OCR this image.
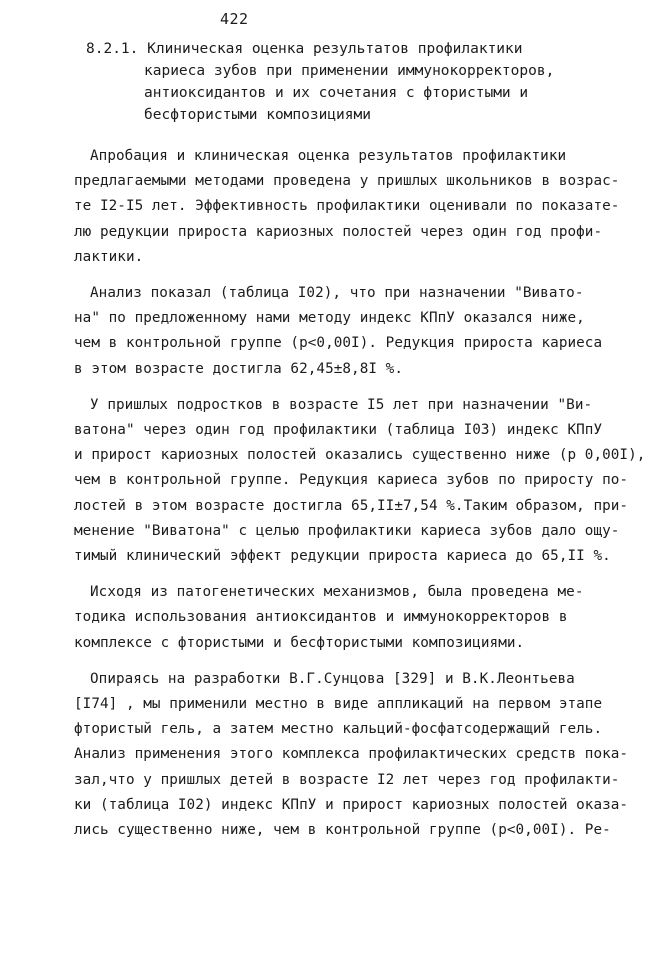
422
8.2.1. Клиническая оценка результатов профилактики
кариеса зубов при применении иммунокорректоров,
антиоксидантов и их сочетания с фтористыми и
бесфтористыми композициями
Апробация и клиническая оценка результатов профилактики
предлагаемыми методами проведена у пришлых школьников в возрас-
те I2-I5 лет. Эффективность профилактики оценивали по показате-
лю редукции прироста кариозных полостей через один год профи-
лактики.
Анализ показал (таблица I02), что при назначении "Вивато-
на" по предложенному нами методу индекс КПпУ оказался ниже,
чем в контрольной группе (р<0,00I). Редукция прироста кариеса
в этом возрасте достигла 62,45±8,8I %.
У пришлых подростков в возрасте I5 лет при назначении "Ви-
ватона" через один год профилактики (таблица I03) индекс КПпУ
и прирост кариозных полостей оказались существенно ниже (р 0,00I),
чем в контрольной группе. Редукция кариеса зубов по приросту по-
лостей в этом возрасте достигла 65,II±7,54 %.Таким образом, при-
менение "Виватона" с целью профилактики кариеса зубов дало ощу-
тимый клинический эффект редукции прироста кариеса до 65,II %.
Исходя из патогенетических механизмов, была проведена ме-
тодика использования антиоксидантов и иммунокорректоров в
комплексе с фтористыми и бесфтористыми композициями.
Опираясь на разработки В.Г.Сунцова [329] и В.К.Леонтьева
[I74] , мы применили местно в виде аппликаций на первом этапе
фтористый гель, а затем местно кальций-фосфатсодержащий гель.
Анализ применения этого комплекса профилактических средств пока-
зал,что у пришлых детей в возрасте I2 лет через год профилакти-
ки (таблица I02) индекс КПпУ и прирост кариозных полостей оказа-
лись существенно ниже, чем в контрольной группе (р<0,00I). Ре-
